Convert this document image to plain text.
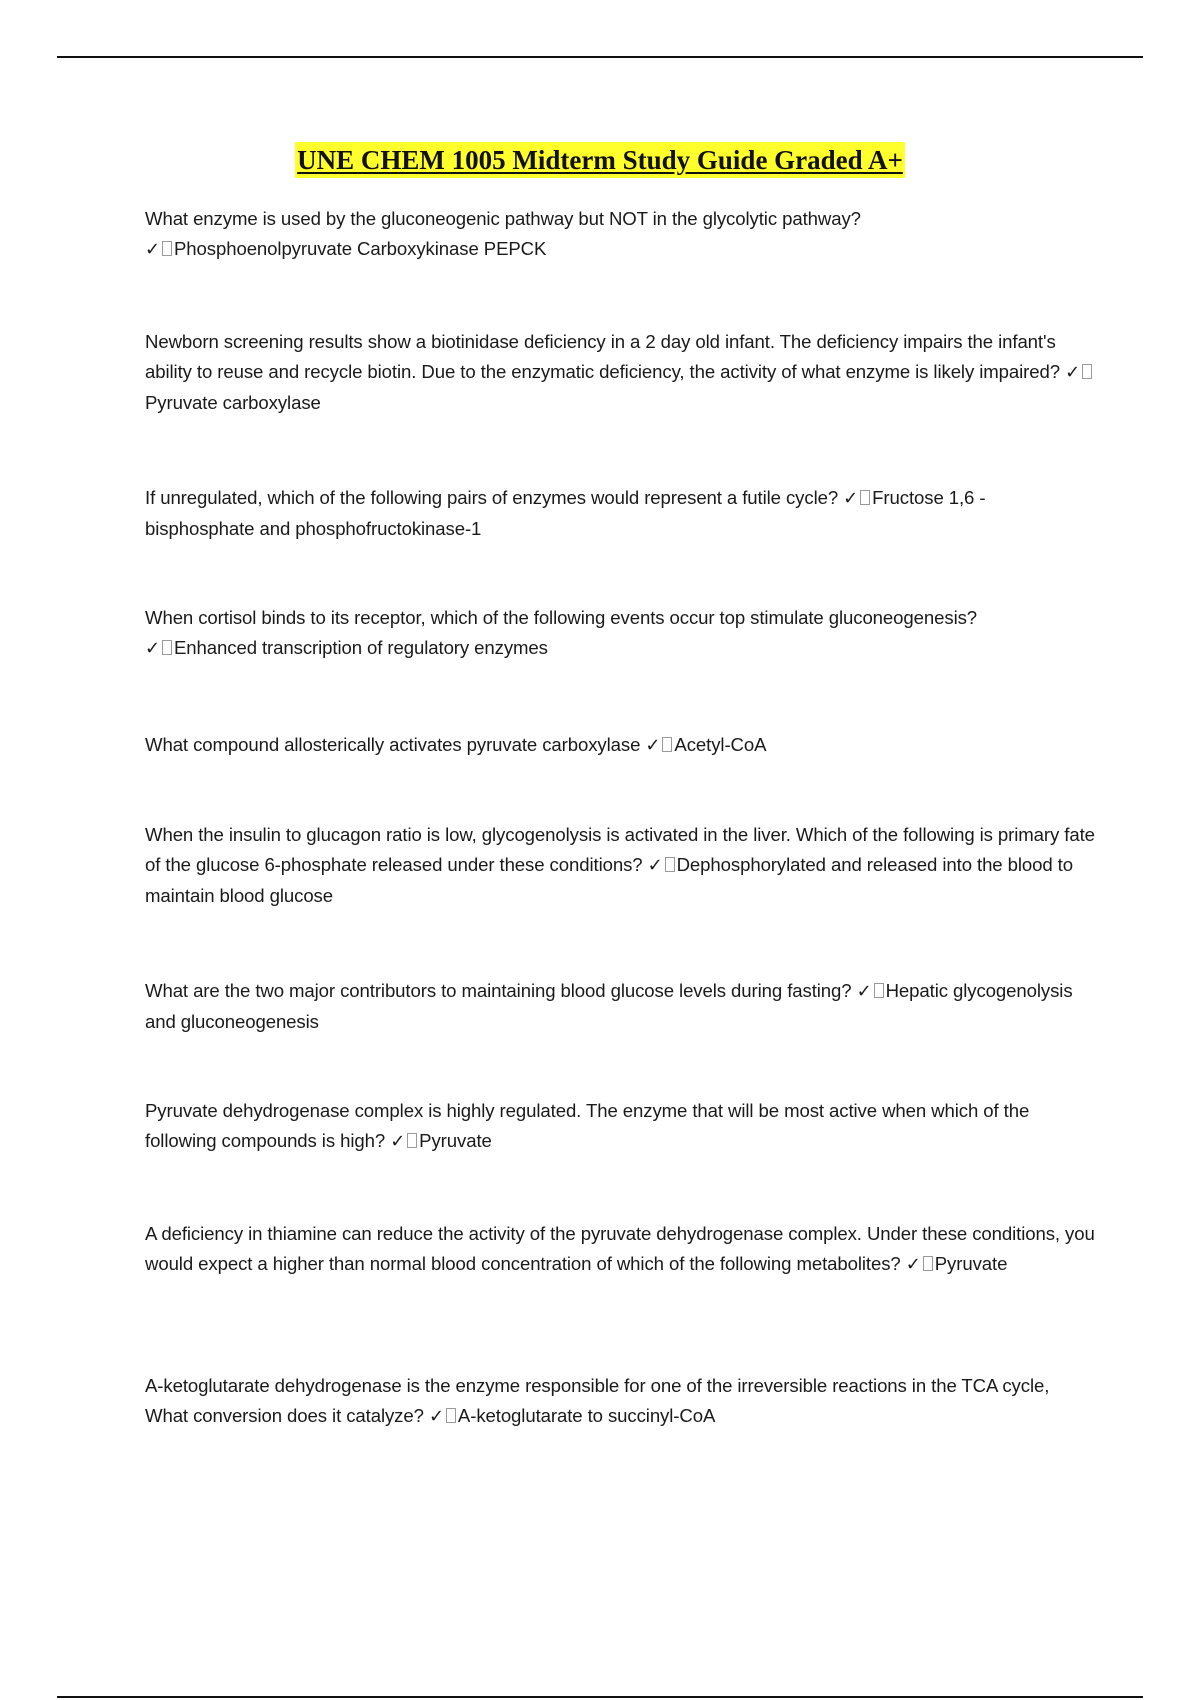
UNE CHEM 1005 Midterm Study Guide Graded A+

What enzyme is used by the gluconeogenic pathway but NOT in the glycolytic pathway?
✓ Phosphoenolpyruvate Carboxykinase PEPCK

Newborn screening results show a biotinidase deficiency in a 2 day old infant. The deficiency impairs the infant's ability to reuse and recycle biotin. Due to the enzymatic deficiency, the activity of what enzyme is likely impaired? ✓Pyruvate carboxylase

If unregulated, which of the following pairs of enzymes would represent a futile cycle? ✓ Fructose 1,6 - bisphosphate and phosphofructokinase-1

When cortisol binds to its receptor, which of the following events occur top stimulate gluconeogenesis?
✓ Enhanced transcription of regulatory enzymes

What compound allosterically activates pyruvate carboxylase ✓ Acetyl-CoA

When the insulin to glucagon ratio is low, glycogenolysis is activated in the liver. Which of the following is primary fate of the glucose 6-phosphate released under these conditions? ✓ Dephosphorylated and released into the blood to maintain blood glucose

What are the two major contributors to maintaining blood glucose levels during fasting? ✓ Hepatic glycogenolysis and gluconeogenesis

Pyruvate dehydrogenase complex is highly regulated. The enzyme that will be most active when which of the following compounds is high? ✓ Pyruvate

A deficiency in thiamine can reduce the activity of the pyruvate dehydrogenase complex. Under these conditions, you would expect a higher than normal blood concentration of which of the following metabolites? ✓ Pyruvate

A-ketoglutarate dehydrogenase is the enzyme responsible for one of the irreversible reactions in the TCA cycle, What conversion does it catalyze? ✓ A-ketoglutarate to succinyl-CoA
